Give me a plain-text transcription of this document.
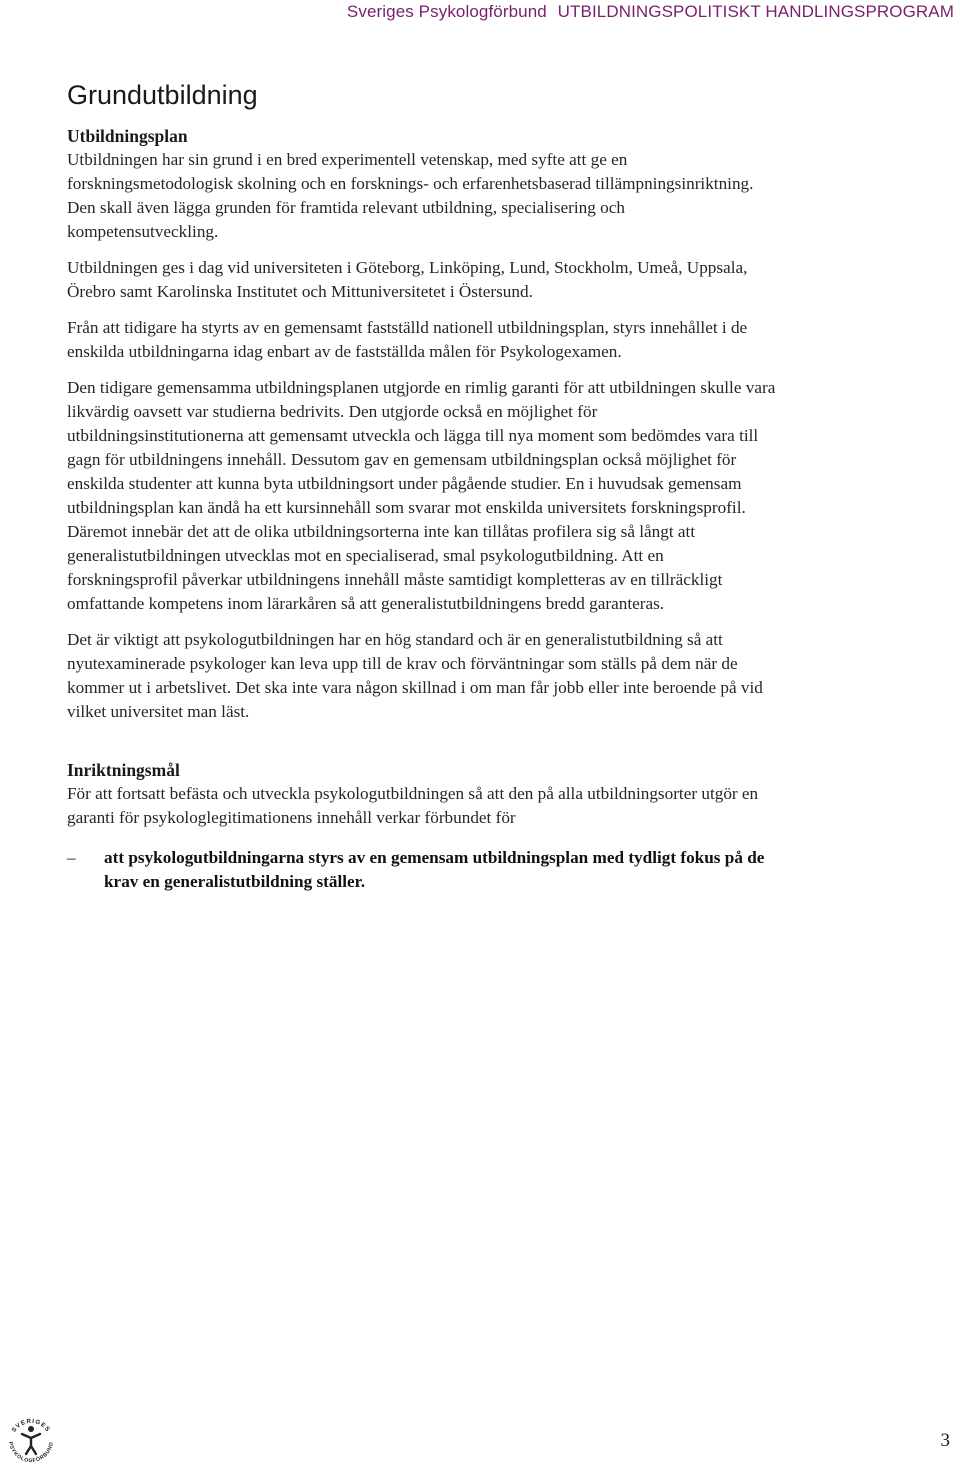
Sveriges Psykologförbund UTBILDNINGSPOLITISKT HANDLINGSPROGRAM
Grundutbildning
Utbildningsplan

Utbildningen har sin grund i en bred experimentell vetenskap, med syfte att ge en forskningsmetodologisk skolning och en forsknings- och erfarenhetsbaserad tillämpningsinriktning. Den skall även lägga grunden för framtida relevant utbildning, specialisering och kompetensutveckling.

Utbildningen ges i dag vid universiteten i Göteborg, Linköping, Lund, Stockholm, Umeå, Uppsala, Örebro samt Karolinska Institutet och Mittuniversitetet i Östersund.

Från att tidigare ha styrts av en gemensamt fastställd nationell utbildningsplan, styrs innehållet i de enskilda utbildningarna idag enbart av de fastställda målen för Psykologexamen.

Den tidigare gemensamma utbildningsplanen utgjorde en rimlig garanti för att utbildningen skulle vara likvärdig oavsett var studierna bedrivits. Den utgjorde också en möjlighet för utbildningsinstitutionerna att gemensamt utveckla och lägga till nya moment som bedömdes vara till gagn för utbildningens innehåll. Dessutom gav en gemensam utbildningsplan också möjlighet för enskilda studenter att kunna byta utbildningsort under pågående studier. En i huvudsak gemensam utbildningsplan kan ändå ha ett kursinnehåll som svarar mot enskilda universitets forskningsprofil. Däremot innebär det att de olika utbildningsorterna inte kan tillåtas profilera sig så långt att generalistutbildningen utvecklas mot en specialiserad, smal psykologutbildning. Att en forskningsprofil påverkar utbildningens innehåll måste samtidigt kompletteras av en tillräckligt omfattande kompetens inom lärarkåren så att generalistutbildningens bredd garanteras.

Det är viktigt att psykologutbildningen har en hög standard och är en generalistutbildning så att nyutexaminerade psykologer kan leva upp till de krav och förväntningar som ställs på dem när de kommer ut i arbetslivet. Det ska inte vara någon skillnad i om man får jobb eller inte beroende på vid vilket universitet man läst.

Inriktningsmål

För att fortsatt befästa och utveckla psykologutbildningen så att den på alla utbildningsorter utgör en garanti för psykologlegitimationens innehåll verkar förbundet för

– att psykologutbildningarna styrs av en gemensam utbildningsplan med tydligt fokus på de krav en generalistutbildning ställer.
SVERIGES
PSYKOLOGFÖRBUND	3
